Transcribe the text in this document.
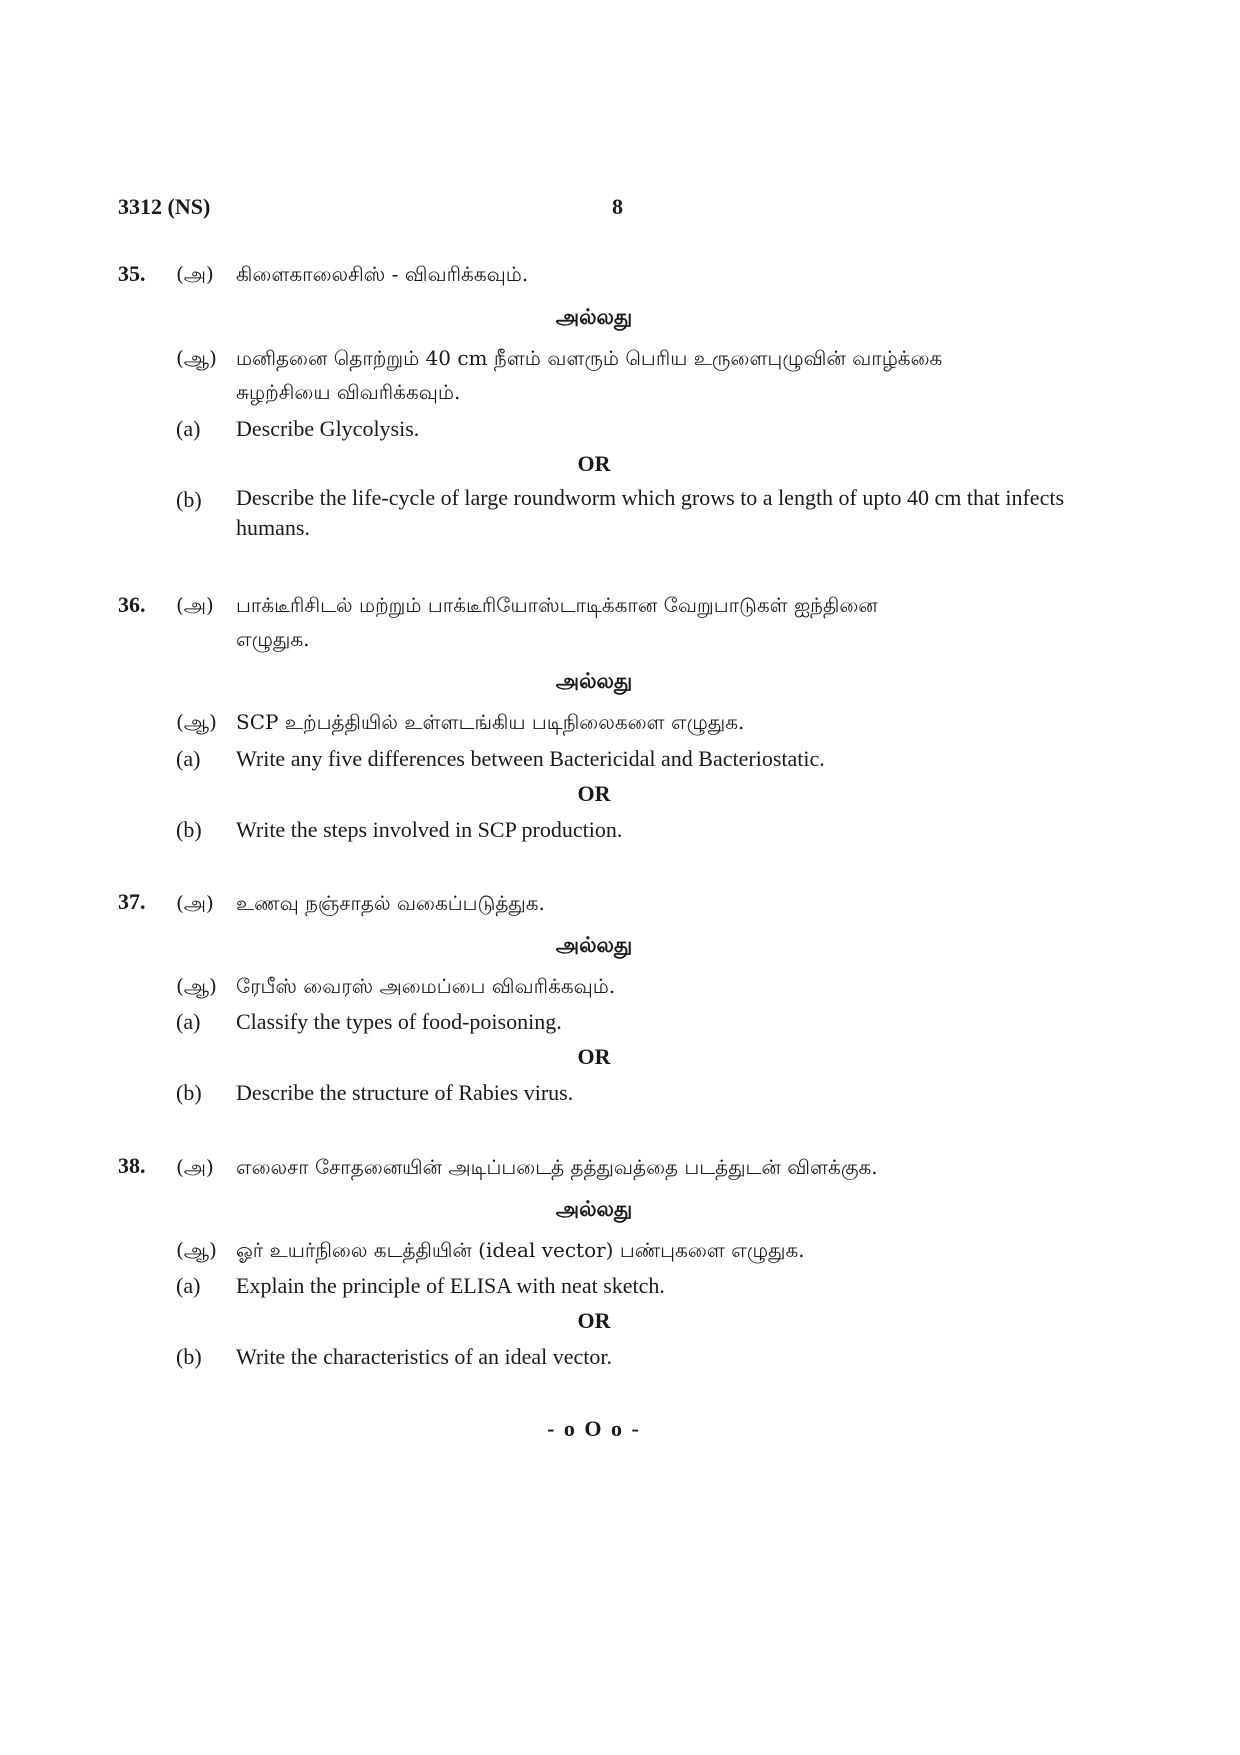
3312 (NS)	8
35. (அ) கிளைகாலைசிஸ் - விவரிக்கவும்.
அல்லது
(ஆ) மனிதனை தொற்றும் 40 cm நீளம் வளரும் பெரிய உருளைபுழுவின் வாழ்க்கை
சுழற்சியை விவரிக்கவும்.
(a) Describe Glycolysis.
OR
(b) Describe the life-cycle of large roundworm which grows to a length of upto 40 cm that infects humans.
36. (அ) பாக்டீரிசிடல் மற்றும் பாக்டீரியோஸ்டாடிக்கான வேறுபாடுகள் ஐந்தினை
எழுதுக.
அல்லது
(ஆ) SCP உற்பத்தியில் உள்ளடங்கிய படிநிலைகளை எழுதுக.
(a) Write any five differences between Bactericidal and Bacteriostatic.
OR
(b) Write the steps involved in SCP production.
37. (அ) உணவு நஞ்சாதல் வகைப்படுத்துக.
அல்லது
(ஆ) ரேபீஸ் வைரஸ் அமைப்பை விவரிக்கவும்.
(a) Classify the types of food-poisoning.
OR
(b) Describe the structure of Rabies virus.
38. (அ) எலைசா சோதனையின் அடிப்படைத் தத்துவத்தை படத்துடன் விளக்குக.
அல்லது
(ஆ) ஓர் உயர்நிலை கடத்தியின் (ideal vector) பண்புகளை எழுதுக.
(a) Explain the principle of ELISA with neat sketch.
OR
(b) Write the characteristics of an ideal vector.
- o O o -
